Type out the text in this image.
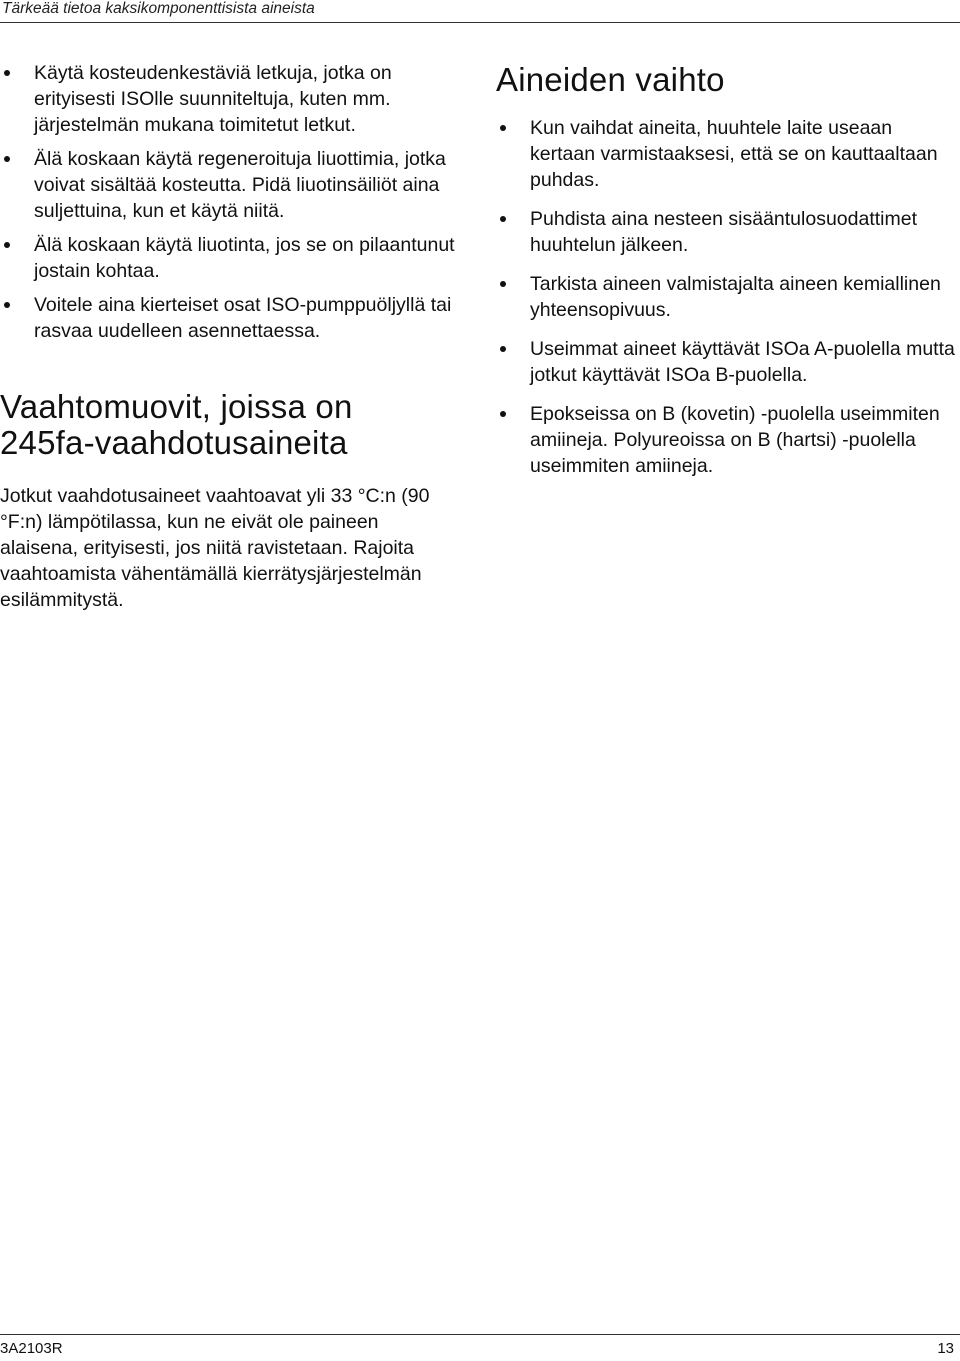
Tärkeää tietoa kaksikomponenttisista aineista
Käytä kosteudenkestäviä letkuja, jotka on erityisesti ISOlle suunniteltuja, kuten mm. järjestelmän mukana toimitetut letkut.
Älä koskaan käytä regeneroituja liuottimia, jotka voivat sisältää kosteutta. Pidä liuotinsäiliöt aina suljettuina, kun et käytä niitä.
Älä koskaan käytä liuotinta, jos se on pilaantunut jostain kohtaa.
Voitele aina kierteiset osat ISO-pumppuöljyllä tai rasvaa uudelleen asennettaessa.
Vaahtomuovit, joissa on 245fa-vaahdotusaineita

Jotkut vaahdotusaineet vaahtoavat yli 33 °C:n (90 °F:n) lämpötilassa, kun ne eivät ole paineen alaisena, erityisesti, jos niitä ravistetaan. Rajoita vaahtoamista vähentämällä kierrätysjärjestelmän esilämmitystä.

Aineiden vaihto
Kun vaihdat aineita, huuhtele laite useaan kertaan varmistaaksesi, että se on kauttaaltaan puhdas.
Puhdista aina nesteen sisääntulosuodattimet huuhtelun jälkeen.
Tarkista aineen valmistajalta aineen kemiallinen yhteensopivuus.
Useimmat aineet käyttävät ISOa A-puolella mutta jotkut käyttävät ISOa B-puolella.
Epokseissa on B (kovetin) -puolella useimmiten amiineja. Polyureoissa on B (hartsi) -puolella useimmiten amiineja.
3A2103R	13
